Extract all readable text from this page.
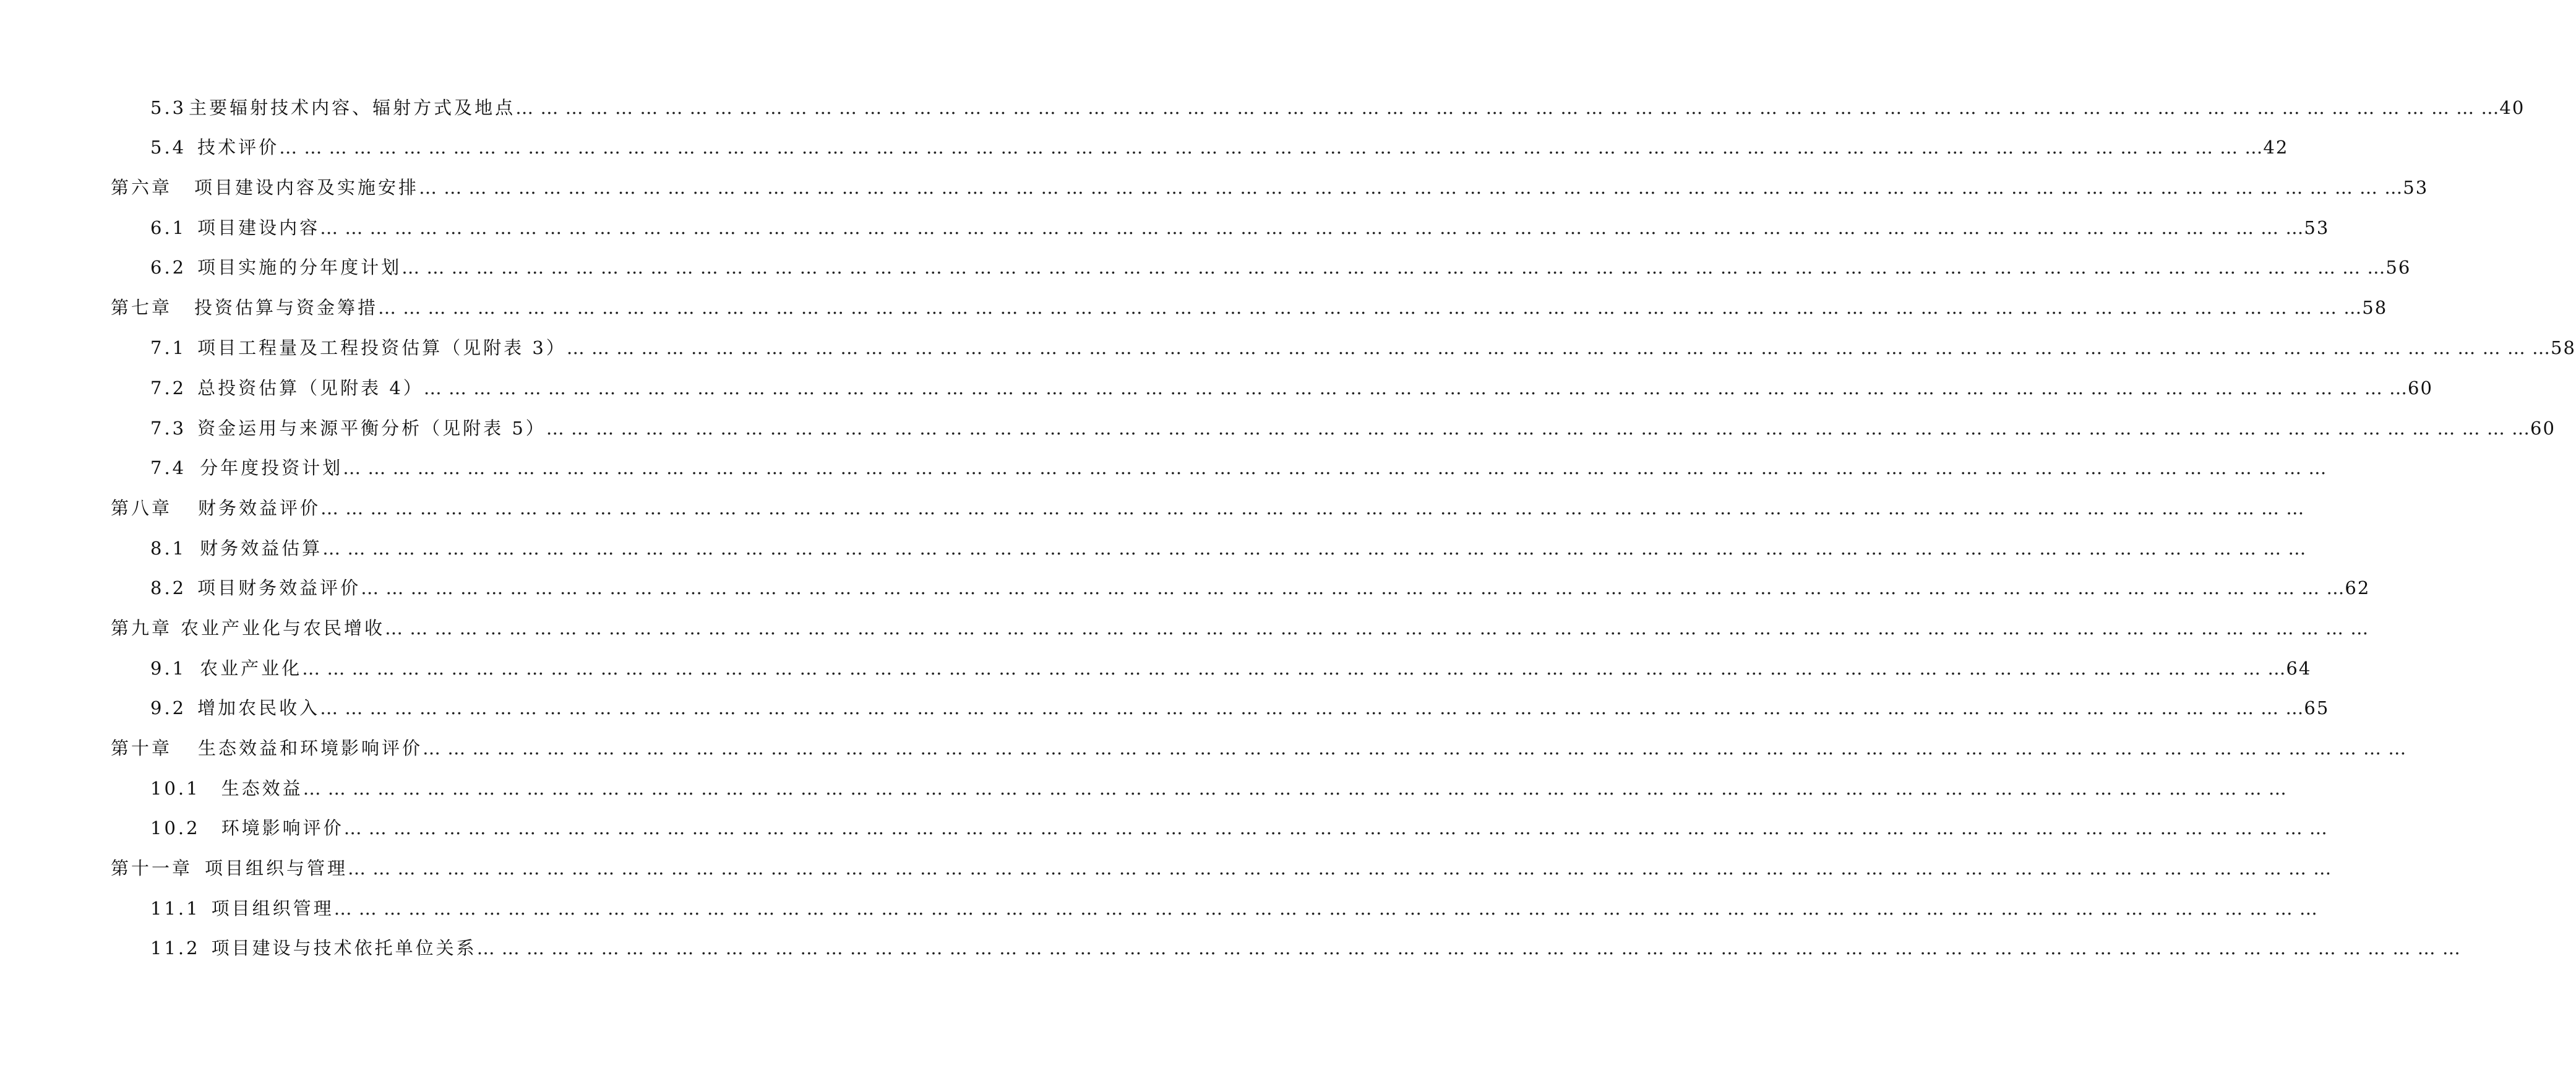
5.3 主要辐射技术内容、辐射方式及地点 … … … … … … … … … … … … … … … … … … … … … … … … … … … … … … … … … … … … … … … … … … … … … … … … … … … … … … … … … … … … … … … … … … … … … … … … … … … … … … … … 40
5.4 技术评价 … … … … … … … … … … … … … … … … … … … … … … … … … … … … … … … … … … … … … … … … … … … … … … … … … … … … … … … … … … … … … … … … … … … … … … … … … … … … … … … … 42
第六章 项目建设内容及实施安排 … … … … … … … … … … … … … … … … … … … … … … … … … … … … … … … … … … … … … … … … … … … … … … … … … … … … … … … … … … … … … … … … … … … … … … … … … … … … … … … … 53
6.1 项目建设内容 … … … … … … … … … … … … … … … … … … … … … … … … … … … … … … … … … … … … … … … … … … … … … … … … … … … … … … … … … … … … … … … … … … … … … … … … … … … … … … … … 53
6.2 项目实施的分年度计划 … … … … … … … … … … … … … … … … … … … … … … … … … … … … … … … … … … … … … … … … … … … … … … … … … … … … … … … … … … … … … … … … … … … … … … … … … … … … … … … … 56
第七章 投资估算与资金筹措 … … … … … … … … … … … … … … … … … … … … … … … … … … … … … … … … … … … … … … … … … … … … … … … … … … … … … … … … … … … … … … … … … … … … … … … … … … … … … … … … 58
7.1 项目工程量及工程投资估算（见附表 3） … … … … … … … … … … … … … … … … … … … … … … … … … … … … … … … … … … … … … … … … … … … … … … … … … … … … … … … … … … … … … … … … … … … … … … … … … … … … … … … … 58
7.2 总投资估算（见附表 4） … … … … … … … … … … … … … … … … … … … … … … … … … … … … … … … … … … … … … … … … … … … … … … … … … … … … … … … … … … … … … … … … … … … … … … … … … … … … … … … … 60
7.3 资金运用与来源平衡分析（见附表 5） … … … … … … … … … … … … … … … … … … … … … … … … … … … … … … … … … … … … … … … … … … … … … … … … … … … … … … … … … … … … … … … … … … … … … … … … … … … … … … … … 60
7.4 分年度投资计划 … … … … … … … … … … … … … … … … … … … … … … … … … … … … … … … … … … … … … … … … … … … … … … … … … … … … … … … … … … … … … … … … … … … … … … … … … … … … … … … …
第八章 财务效益评价 … … … … … … … … … … … … … … … … … … … … … … … … … … … … … … … … … … … … … … … … … … … … … … … … … … … … … … … … … … … … … … … … … … … … … … … … … … … … … … … …
8.1 财务效益估算 … … … … … … … … … … … … … … … … … … … … … … … … … … … … … … … … … … … … … … … … … … … … … … … … … … … … … … … … … … … … … … … … … … … … … … … … … … … … … … … …
8.2 项目财务效益评价 … … … … … … … … … … … … … … … … … … … … … … … … … … … … … … … … … … … … … … … … … … … … … … … … … … … … … … … … … … … … … … … … … … … … … … … … … … … … … … … … 62
第九章 农业产业化与农民增收 … … … … … … … … … … … … … … … … … … … … … … … … … … … … … … … … … … … … … … … … … … … … … … … … … … … … … … … … … … … … … … … … … … … … … … … … … … … … … … … …
9.1 农业产业化 … … … … … … … … … … … … … … … … … … … … … … … … … … … … … … … … … … … … … … … … … … … … … … … … … … … … … … … … … … … … … … … … … … … … … … … … … … … … … … … … 64
9.2 增加农民收入 … … … … … … … … … … … … … … … … … … … … … … … … … … … … … … … … … … … … … … … … … … … … … … … … … … … … … … … … … … … … … … … … … … … … … … … … … … … … … … … … 65
第十章 生态效益和环境影响评价 … … … … … … … … … … … … … … … … … … … … … … … … … … … … … … … … … … … … … … … … … … … … … … … … … … … … … … … … … … … … … … … … … … … … … … … … … … … … … … … …
10.1 生态效益 … … … … … … … … … … … … … … … … … … … … … … … … … … … … … … … … … … … … … … … … … … … … … … … … … … … … … … … … … … … … … … … … … … … … … … … … … … … … … … … …
10.2 环境影响评价 … … … … … … … … … … … … … … … … … … … … … … … … … … … … … … … … … … … … … … … … … … … … … … … … … … … … … … … … … … … … … … … … … … … … … … … … … … … … … … … …
第十一章 项目组织与管理 … … … … … … … … … … … … … … … … … … … … … … … … … … … … … … … … … … … … … … … … … … … … … … … … … … … … … … … … … … … … … … … … … … … … … … … … … … … … … … … …
11.1 项目组织管理 … … … … … … … … … … … … … … … … … … … … … … … … … … … … … … … … … … … … … … … … … … … … … … … … … … … … … … … … … … … … … … … … … … … … … … … … … … … … … … … …
11.2 项目建设与技术依托单位关系 … … … … … … … … … … … … … … … … … … … … … … … … … … … … … … … … … … … … … … … … … … … … … … … … … … … … … … … … … … … … … … … … … … … … … … … … … … … … … … … …
